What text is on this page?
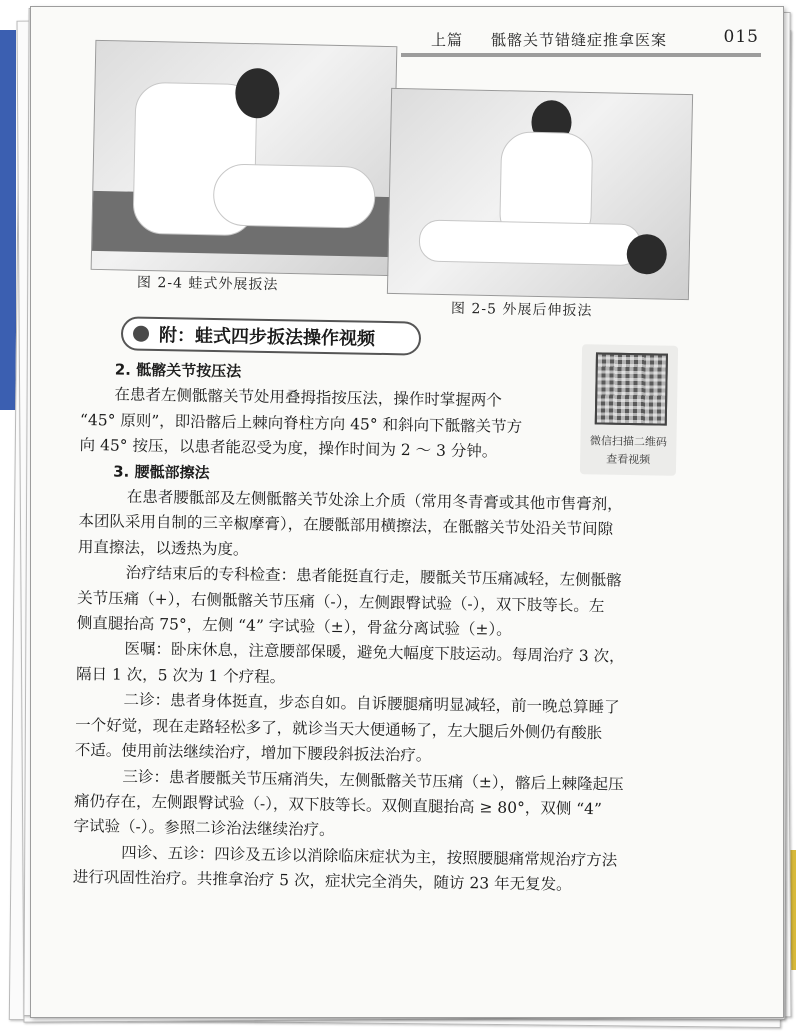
上篇 骶髂关节错缝症推拿医案	015
图 2-4 蛙式外展扳法
图 2-5 外展后伸扳法
附：蛙式四步扳法操作视频
微信扫描二维码
查看视频

2. 骶髂关节按压法

在患者左侧骶髂关节处用叠拇指按压法，操作时掌握两个

“45° 原则”，即沿髂后上棘向脊柱方向 45° 和斜向下骶髂关节方

向 45° 按压，以患者能忍受为度，操作时间为 2 ～ 3 分钟。

3. 腰骶部擦法

在患者腰骶部及左侧骶髂关节处涂上介质（常用冬青膏或其他市售膏剂，

本团队采用自制的三辛椒摩膏），在腰骶部用横擦法，在骶髂关节处沿关节间隙

用直擦法，以透热为度。

治疗结束后的专科检查：患者能挺直行走，腰骶关节压痛减轻，左侧骶髂

关节压痛（+），右侧骶髂关节压痛（-），左侧跟臀试验（-），双下肢等长。左

侧直腿抬高 75°，左侧 “4” 字试验（±），骨盆分离试验（±）。

医嘱：卧床休息，注意腰部保暖，避免大幅度下肢运动。每周治疗 3 次，

隔日 1 次，5 次为 1 个疗程。

二诊：患者身体挺直，步态自如。自诉腰腿痛明显减轻，前一晚总算睡了

一个好觉，现在走路轻松多了，就诊当天大便通畅了，左大腿后外侧仍有酸胀

不适。使用前法继续治疗，增加下腰段斜扳法治疗。

三诊：患者腰骶关节压痛消失，左侧骶髂关节压痛（±），髂后上棘隆起压

痛仍存在，左侧跟臀试验（-），双下肢等长。双侧直腿抬高 ≥ 80°，双侧 “4”

字试验（-）。参照二诊治法继续治疗。

四诊、五诊：四诊及五诊以消除临床症状为主，按照腰腿痛常规治疗方法

进行巩固性治疗。共推拿治疗 5 次，症状完全消失，随访 23 年无复发。
